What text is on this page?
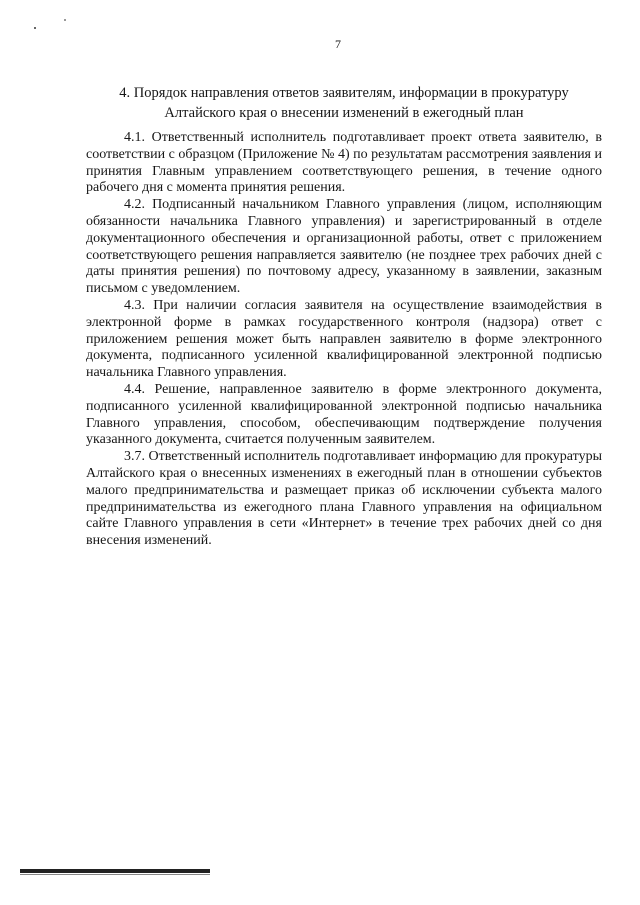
7
4. Порядок направления ответов заявителям, информации в прокуратуру
Алтайского края о внесении изменений в ежегодный план

4.1. Ответственный исполнитель подготавливает проект ответа заявителю, в соответствии с образцом (Приложение № 4) по результатам рассмотрения заявления и принятия Главным управлением соответствующего решения, в течение одного рабочего дня с момента принятия решения.

4.2. Подписанный начальником Главного управления (лицом, исполняющим обязанности начальника Главного управления) и зарегистрированный в отделе документационного обеспечения и организационной работы, ответ с приложением соответствующего решения направляется заявителю (не позднее трех рабочих дней с даты принятия решения) по почтовому адресу, указанному в заявлении, заказным письмом с уведомлением.

4.3. При наличии согласия заявителя на осуществление взаимодействия в электронной форме в рамках государственного контроля (надзора) ответ с приложением решения может быть направлен заявителю в форме электронного документа, подписанного усиленной квалифицированной электронной подписью начальника Главного управления.

4.4. Решение, направленное заявителю в форме электронного документа, подписанного усиленной квалифицированной электронной подписью начальника Главного управления, способом, обеспечивающим подтверждение получения указанного документа, считается полученным заявителем.

3.7. Ответственный исполнитель подготавливает информацию для прокуратуры Алтайского края о внесенных изменениях в ежегодный план в отношении субъектов малого предпринимательства и размещает приказ об исключении субъекта малого предпринимательства из ежегодного плана Главного управления на официальном сайте Главного управления в сети «Интернет» в течение трех рабочих дней со дня внесения изменений.
